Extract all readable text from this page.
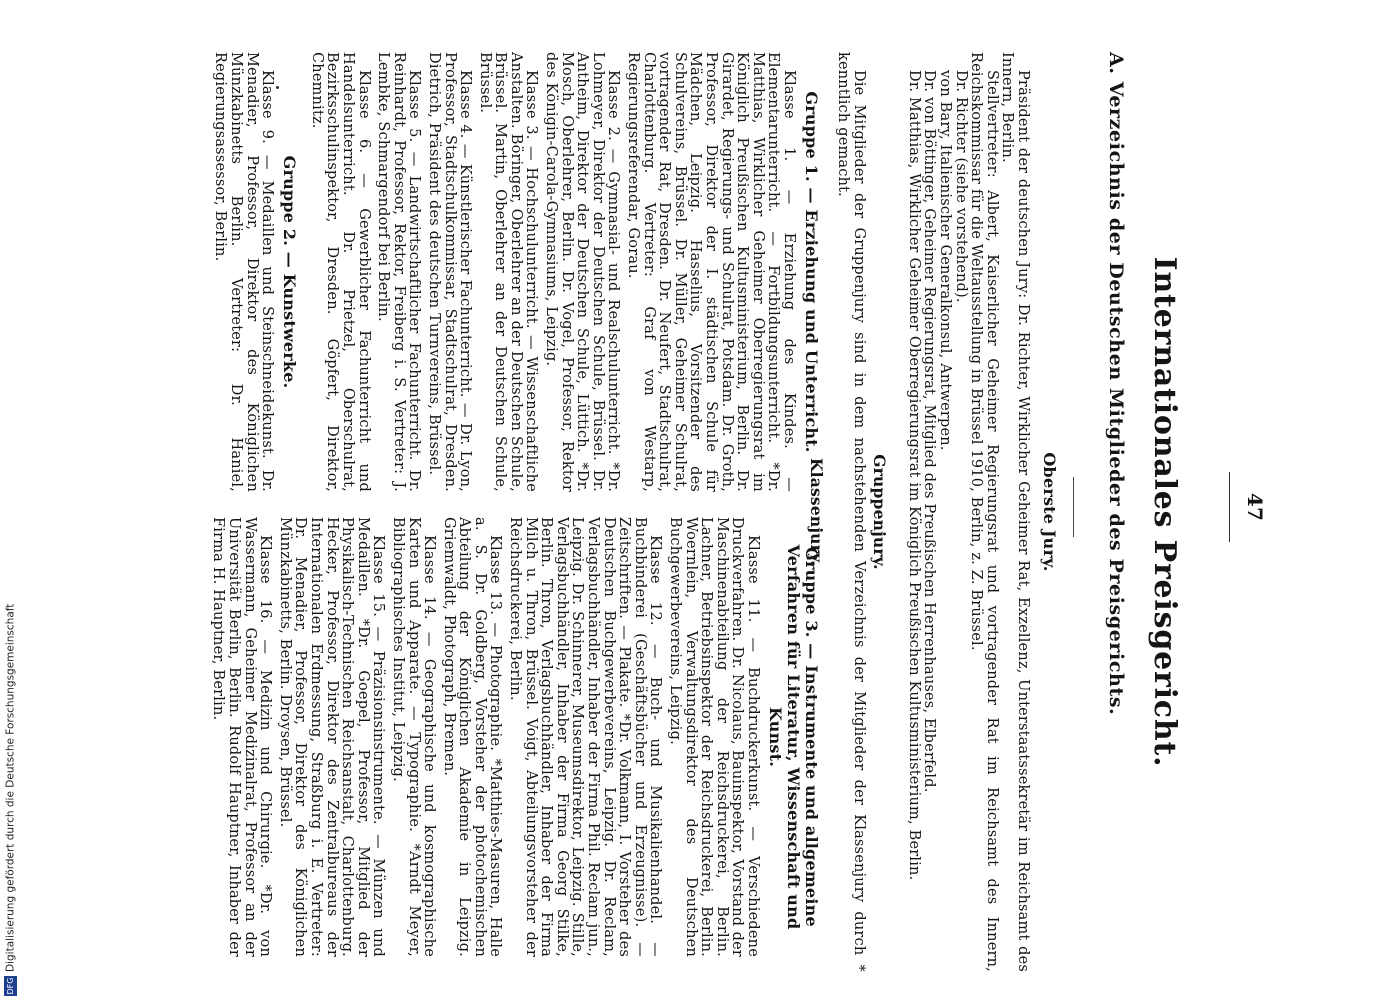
47
Internationales Preisgericht.
A. Verzeichnis der Deutschen Mitglieder des Preisgerichts.

Oberste Jury.

Präsident der deutschen Jury: Dr. Richter, Wirklicher Geheimer Rat, Exzellenz, Unterstaatssekretär im Reichsamt des Innern, Berlin.

Stellvertreter: Albert, Kaiserlicher Geheimer Regierungsrat und vortragender Rat im Reichsamt des Innern, Reichskommissar für die Weltausstellung in Brüssel 1910, Berlin, z. Z. Brüssel.

Dr. Richter (siehe vorstehend).

von Bary, Italienischer Generalkonsul, Antwerpen.

Dr. von Böttinger, Geheimer Regierungsrat, Mitglied des Preußischen Herrenhauses, Elberfeld.

Dr. Matthias, Wirklicher Geheimer Oberregierungsrat im Königlich Preußischen Kultusministerium, Berlin.

Gruppenjury.

Die Mitglieder der Gruppenjury sind in dem nachstehenden Verzeichnis der Mitglieder der Klassenjury durch * kenntlich gemacht.

Klassenjury.

Gruppe 1. — Erziehung und Unterricht.

Klasse 1. — Erziehung des Kindes. — Elementarunterricht. — Fortbildungsunterricht. *Dr. Matthias, Wirklicher Geheimer Oberregierungsrat im Königlich Preußischen Kultusministerium, Berlin. Dr. Girardet, Regierungs- und Schulrat, Potsdam. Dr. Groth, Professor, Direktor der I. städtischen Schule für Mädchen, Leipzig. Hasselius, Vorsitzender des Schulvereins, Brüssel. Dr. Müller, Geheimer Schulrat, vortragender Rat, Dresden. Dr. Neufert, Stadtschulrat, Charlottenburg. Vertreter: Graf von Westarp, Regierungsreferendar, Gorau.

Klasse 2. — Gymnasial- und Realschulunterricht. *Dr. Lohmeyer, Direktor der Deutschen Schule, Brüssel. Dr. Antheim, Direktor der Deutschen Schule, Lüttich. *Dr. Mosch, Oberlehrer, Berlin. Dr. Vogel, Professor, Rektor des Königin-Carola-Gymnasiums, Leipzig.

Klasse 3. — Hochschulunterricht. — Wissenschaftliche Anstalten. Böringer, Oberlehrer an der Deutschen Schule, Brüssel. Martin, Oberlehrer an der Deutschen Schule, Brüssel.

Klasse 4. — Künstlerischer Fachunterricht. — Dr. Lyon, Professor, Stadtschulkommissar, Stadtschulrat, Dresden. Dietrich, Präsident des deutschen Turnvereins, Brüssel.

Klasse 5. — Landwirtschaftlicher Fachunterricht. Dr. Reinhardt, Professor, Rektor, Freiberg i. S. Vertreter: J. Lembke, Schmargendorf bei Berlin.

Klasse 6. — Gewerblicher Fachunterricht und Handelsunterricht. Dr. Prietzel, Oberschulrat, Bezirksschulinspektor, Dresden. Göpfert, Direktor, Chemnitz.

Gruppe 2. — Kunstwerke.

Klasse 9. — Medaillen und Steinschneidekunst. Dr. Menadier, Professor, Direktor des Königlichen Münzkabinetts Berlin. Vertreter: Dr. Haniel, Regierungsassessor, Berlin.

Gruppe 3. — Instrumente und allgemeine Verfahren für Literatur, Wissenschaft und Kunst.

Klasse 11. — Buchdruckerkunst. — Verschiedene Druckverfahren. Dr. Nicolaus, Bauinspektor, Vorstand der Maschinenabteilung der Reichsdruckerei, Berlin. Lachner, Betriebsinspektor der Reichsdruckerei, Berlin. Woernlein, Verwaltungsdirektor des Deutschen Buchgewerbevereins, Leipzig.

Klasse 12. — Buch- und Musikalienhandel. — Buchbinderei (Geschäftsbücher und Erzeugnisse). — Zeitschriften. — Plakate. *Dr. Volkmann, I. Vorsteher des Deutschen Buchgewerbevereins, Leipzig. Dr. Reclam, Verlagsbuchhändler, Inhaber der Firma Phil. Reclam jun., Leipzig. Dr. Schinnerer, Museumsdirektor, Leipzig. Stille, Verlagsbuchhändler, Inhaber der Firma Georg Stilke, Berlin. Thron, Verlagsbuchhändler, Inhaber der Firma Milch u. Thron, Brüssel. Voigt, Abteilungsvorsteher der Reichsdruckerei, Berlin.

Klasse 13. — Photographie. *Matthies-Masuren, Halle a. S. Dr. Goldberg, Vorsteher der photochemischen Abteilung der Königlichen Akademie in Leipzig. Griemwaldt, Photograph, Bremen.

Klasse 14. — Geographische und kosmographische Karten und Apparate. — Typographie. *Arndt Meyer, Bibliographisches Institut, Leipzig.

Klasse 15. — Präzisionsinstrumente. — Münzen und Medaillen. *Dr. Goepel, Professor, Mitglied der Physikalisch-Technischen Reichsanstalt, Charlottenburg. Hecker, Professor, Direktor des Zentralbureaus der Internationalen Erdmessung, Straßburg i. E. Vertreter: Dr. Menadier, Professor, Direktor des Königlichen Münzkabinetts, Berlin. Droysen, Brüssel.

Klasse 16. — Medizin und Chirurgie. *Dr. von Wassermann, Geheimer Medizinalrat, Professor an der Universität Berlin, Berlin. Rudolf Hauptner, Inhaber der Firma H. Hauptner, Berlin.

DFGDigitalisierung gefördert durch die Deutsche Forschungsgemeinschaft
